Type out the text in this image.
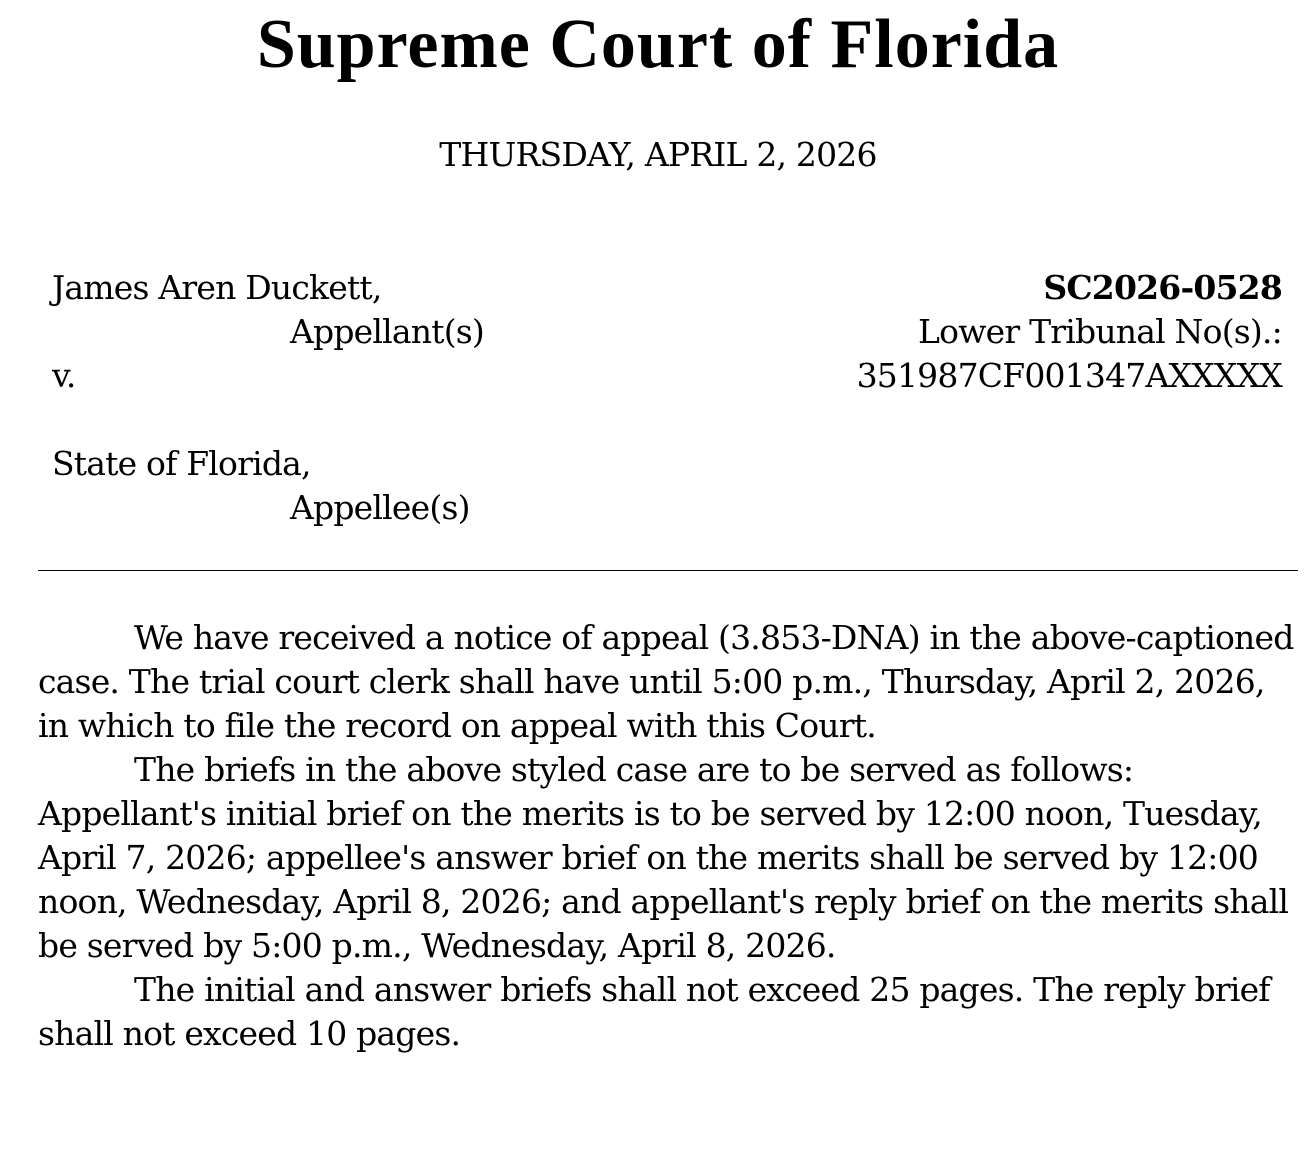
Supreme Court of Florida
THURSDAY, APRIL 2, 2026
James Aren Duckett,
Appellant(s)
v.
State of Florida,
Appellee(s)
SC2026-0528
Lower Tribunal No(s).:
351987CF001347AXXXXX

We have received a notice of appeal (3.853-DNA) in the above-captioned case. The trial court clerk shall have until 5:00 p.m., Thursday, April 2, 2026, in which to file the record on appeal with this Court.

The briefs in the above styled case are to be served as follows: Appellant's initial brief on the merits is to be served by 12:00 noon, Tuesday, April 7, 2026; appellee's answer brief on the merits shall be served by 12:00 noon, Wednesday, April 8, 2026; and appellant's reply brief on the merits shall be served by 5:00 p.m., Wednesday, April 8, 2026.

The initial and answer briefs shall not exceed 25 pages. The reply brief shall not exceed 10 pages.
